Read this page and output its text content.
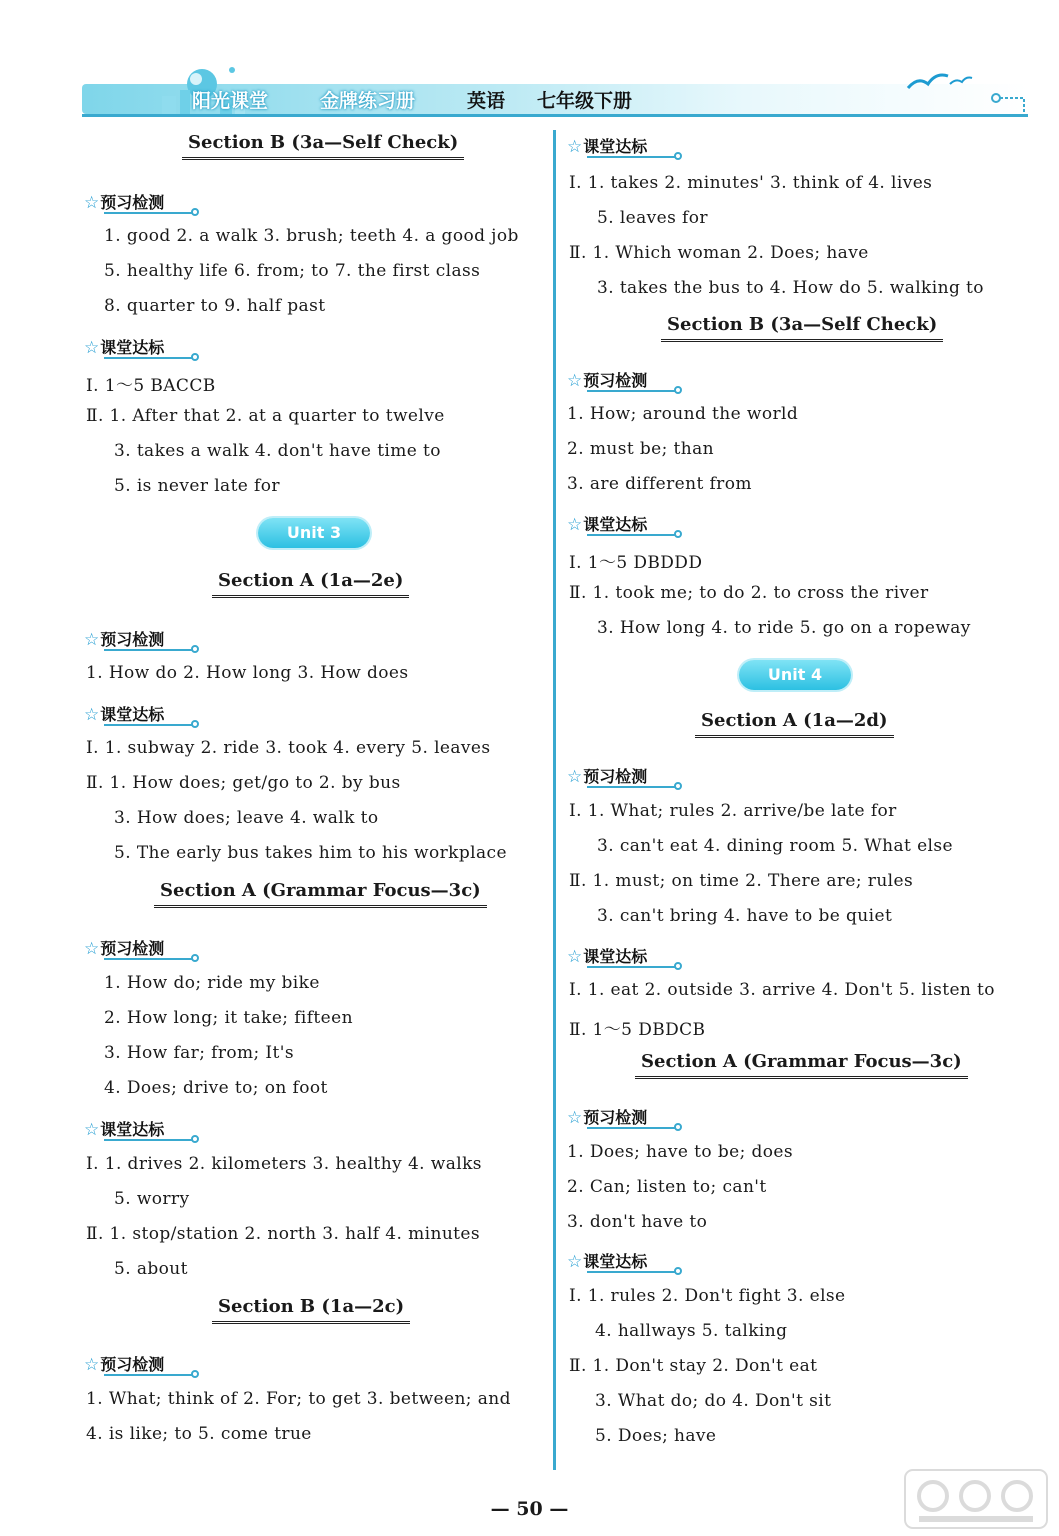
阳光课堂	金牌练习册	英语 七年级下册
Section B (3a—Self Check)
☆预习检测
1. good 2. a walk 3. brush; teeth 4. a good job
5. healthy life 6. from; to 7. the first class
8. quarter to 9. half past
☆课堂达标
Ⅰ. 1～5 BACCB
Ⅱ. 1. After that 2. at a quarter to twelve
3. takes a walk 4. don't have time to
5. is never late for
Unit 3
Section A (1a—2e)
☆预习检测
1. How do 2. How long 3. How does
☆课堂达标
Ⅰ. 1. subway 2. ride 3. took 4. every 5. leaves
Ⅱ. 1. How does; get/go to 2. by bus
3. How does; leave 4. walk to
5. The early bus takes him to his workplace
Section A (Grammar Focus—3c)
☆预习检测
1. How do; ride my bike
2. How long; it take; fifteen
3. How far; from; It's
4. Does; drive to; on foot
☆课堂达标
Ⅰ. 1. drives 2. kilometers 3. healthy 4. walks
5. worry
Ⅱ. 1. stop/station 2. north 3. half 4. minutes
5. about
Section B (1a—2c)
☆预习检测
1. What; think of 2. For; to get 3. between; and
4. is like; to 5. come true
☆课堂达标
Ⅰ. 1. takes 2. minutes' 3. think of 4. lives
5. leaves for
Ⅱ. 1. Which woman 2. Does; have
3. takes the bus to 4. How do 5. walking to
Section B (3a—Self Check)
☆预习检测
1. How; around the world
2. must be; than
3. are different from
☆课堂达标
Ⅰ. 1～5 DBDDD
Ⅱ. 1. took me; to do 2. to cross the river
3. How long 4. to ride 5. go on a ropeway
Unit 4
Section A (1a—2d)
☆预习检测
Ⅰ. 1. What; rules 2. arrive/be late for
3. can't eat 4. dining room 5. What else
Ⅱ. 1. must; on time 2. There are; rules
3. can't bring 4. have to be quiet
☆课堂达标
Ⅰ. 1. eat 2. outside 3. arrive 4. Don't 5. listen to
Ⅱ. 1～5 DBDCB
Section A (Grammar Focus—3c)
☆预习检测
1. Does; have to be; does
2. Can; listen to; can't
3. don't have to
☆课堂达标
Ⅰ. 1. rules 2. Don't fight 3. else
4. hallways 5. talking
Ⅱ. 1. Don't stay 2. Don't eat
3. What do; do 4. Don't sit
5. Does; have
— 50 —
